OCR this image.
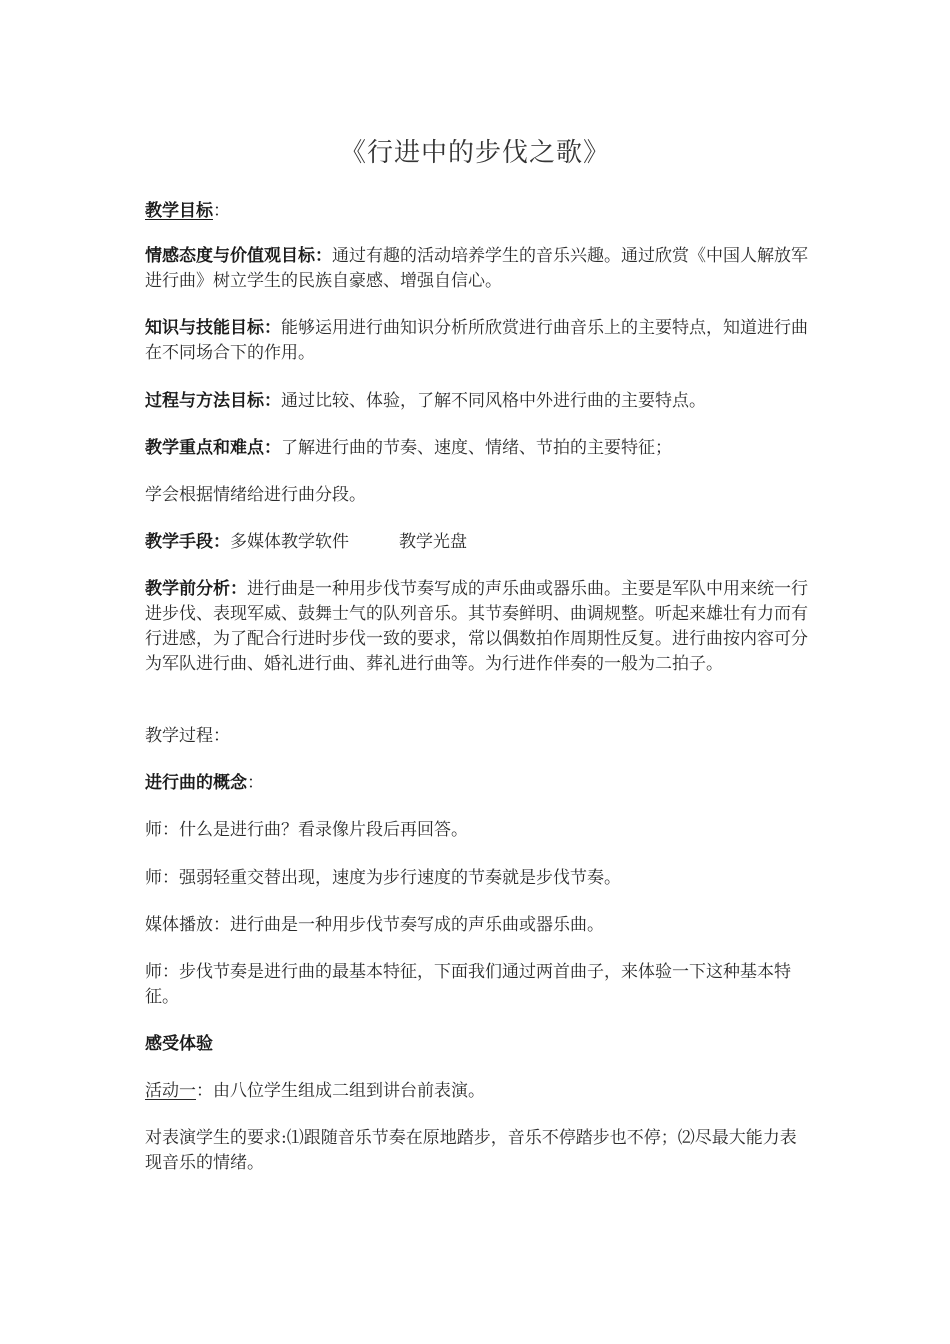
《行进中的步伐之歌》
教学目标：
情感态度与价值观目标：通过有趣的活动培养学生的音乐兴趣。通过欣赏《中国人解放军进行曲》树立学生的民族自豪感、增强自信心。
知识与技能目标：能够运用进行曲知识分析所欣赏进行曲音乐上的主要特点，知道进行曲在不同场合下的作用。
过程与方法目标：通过比较、体验，了解不同风格中外进行曲的主要特点。
教学重点和难点：了解进行曲的节奏、速度、情绪、节拍的主要特征；
学会根据情绪给进行曲分段。
教学手段：多媒体教学软件	教学光盘
教学前分析：进行曲是一种用步伐节奏写成的声乐曲或器乐曲。主要是军队中用来统一行进步伐、表现军威、鼓舞士气的队列音乐。其节奏鲜明、曲调规整。听起来雄壮有力而有行进感，为了配合行进时步伐一致的要求，常以偶数拍作周期性反复。进行曲按内容可分为军队进行曲、婚礼进行曲、葬礼进行曲等。为行进作伴奏的一般为二拍子。
教学过程：
进行曲的概念：
师：什么是进行曲？看录像片段后再回答。
师：强弱轻重交替出现，速度为步行速度的节奏就是步伐节奏。
媒体播放：进行曲是一种用步伐节奏写成的声乐曲或器乐曲。
师：步伐节奏是进行曲的最基本特征，下面我们通过两首曲子，来体验一下这种基本特征。
感受体验
活动一：由八位学生组成二组到讲台前表演。
对表演学生的要求:⑴跟随音乐节奏在原地踏步，音乐不停踏步也不停；⑵尽最大能力表现音乐的情绪。
